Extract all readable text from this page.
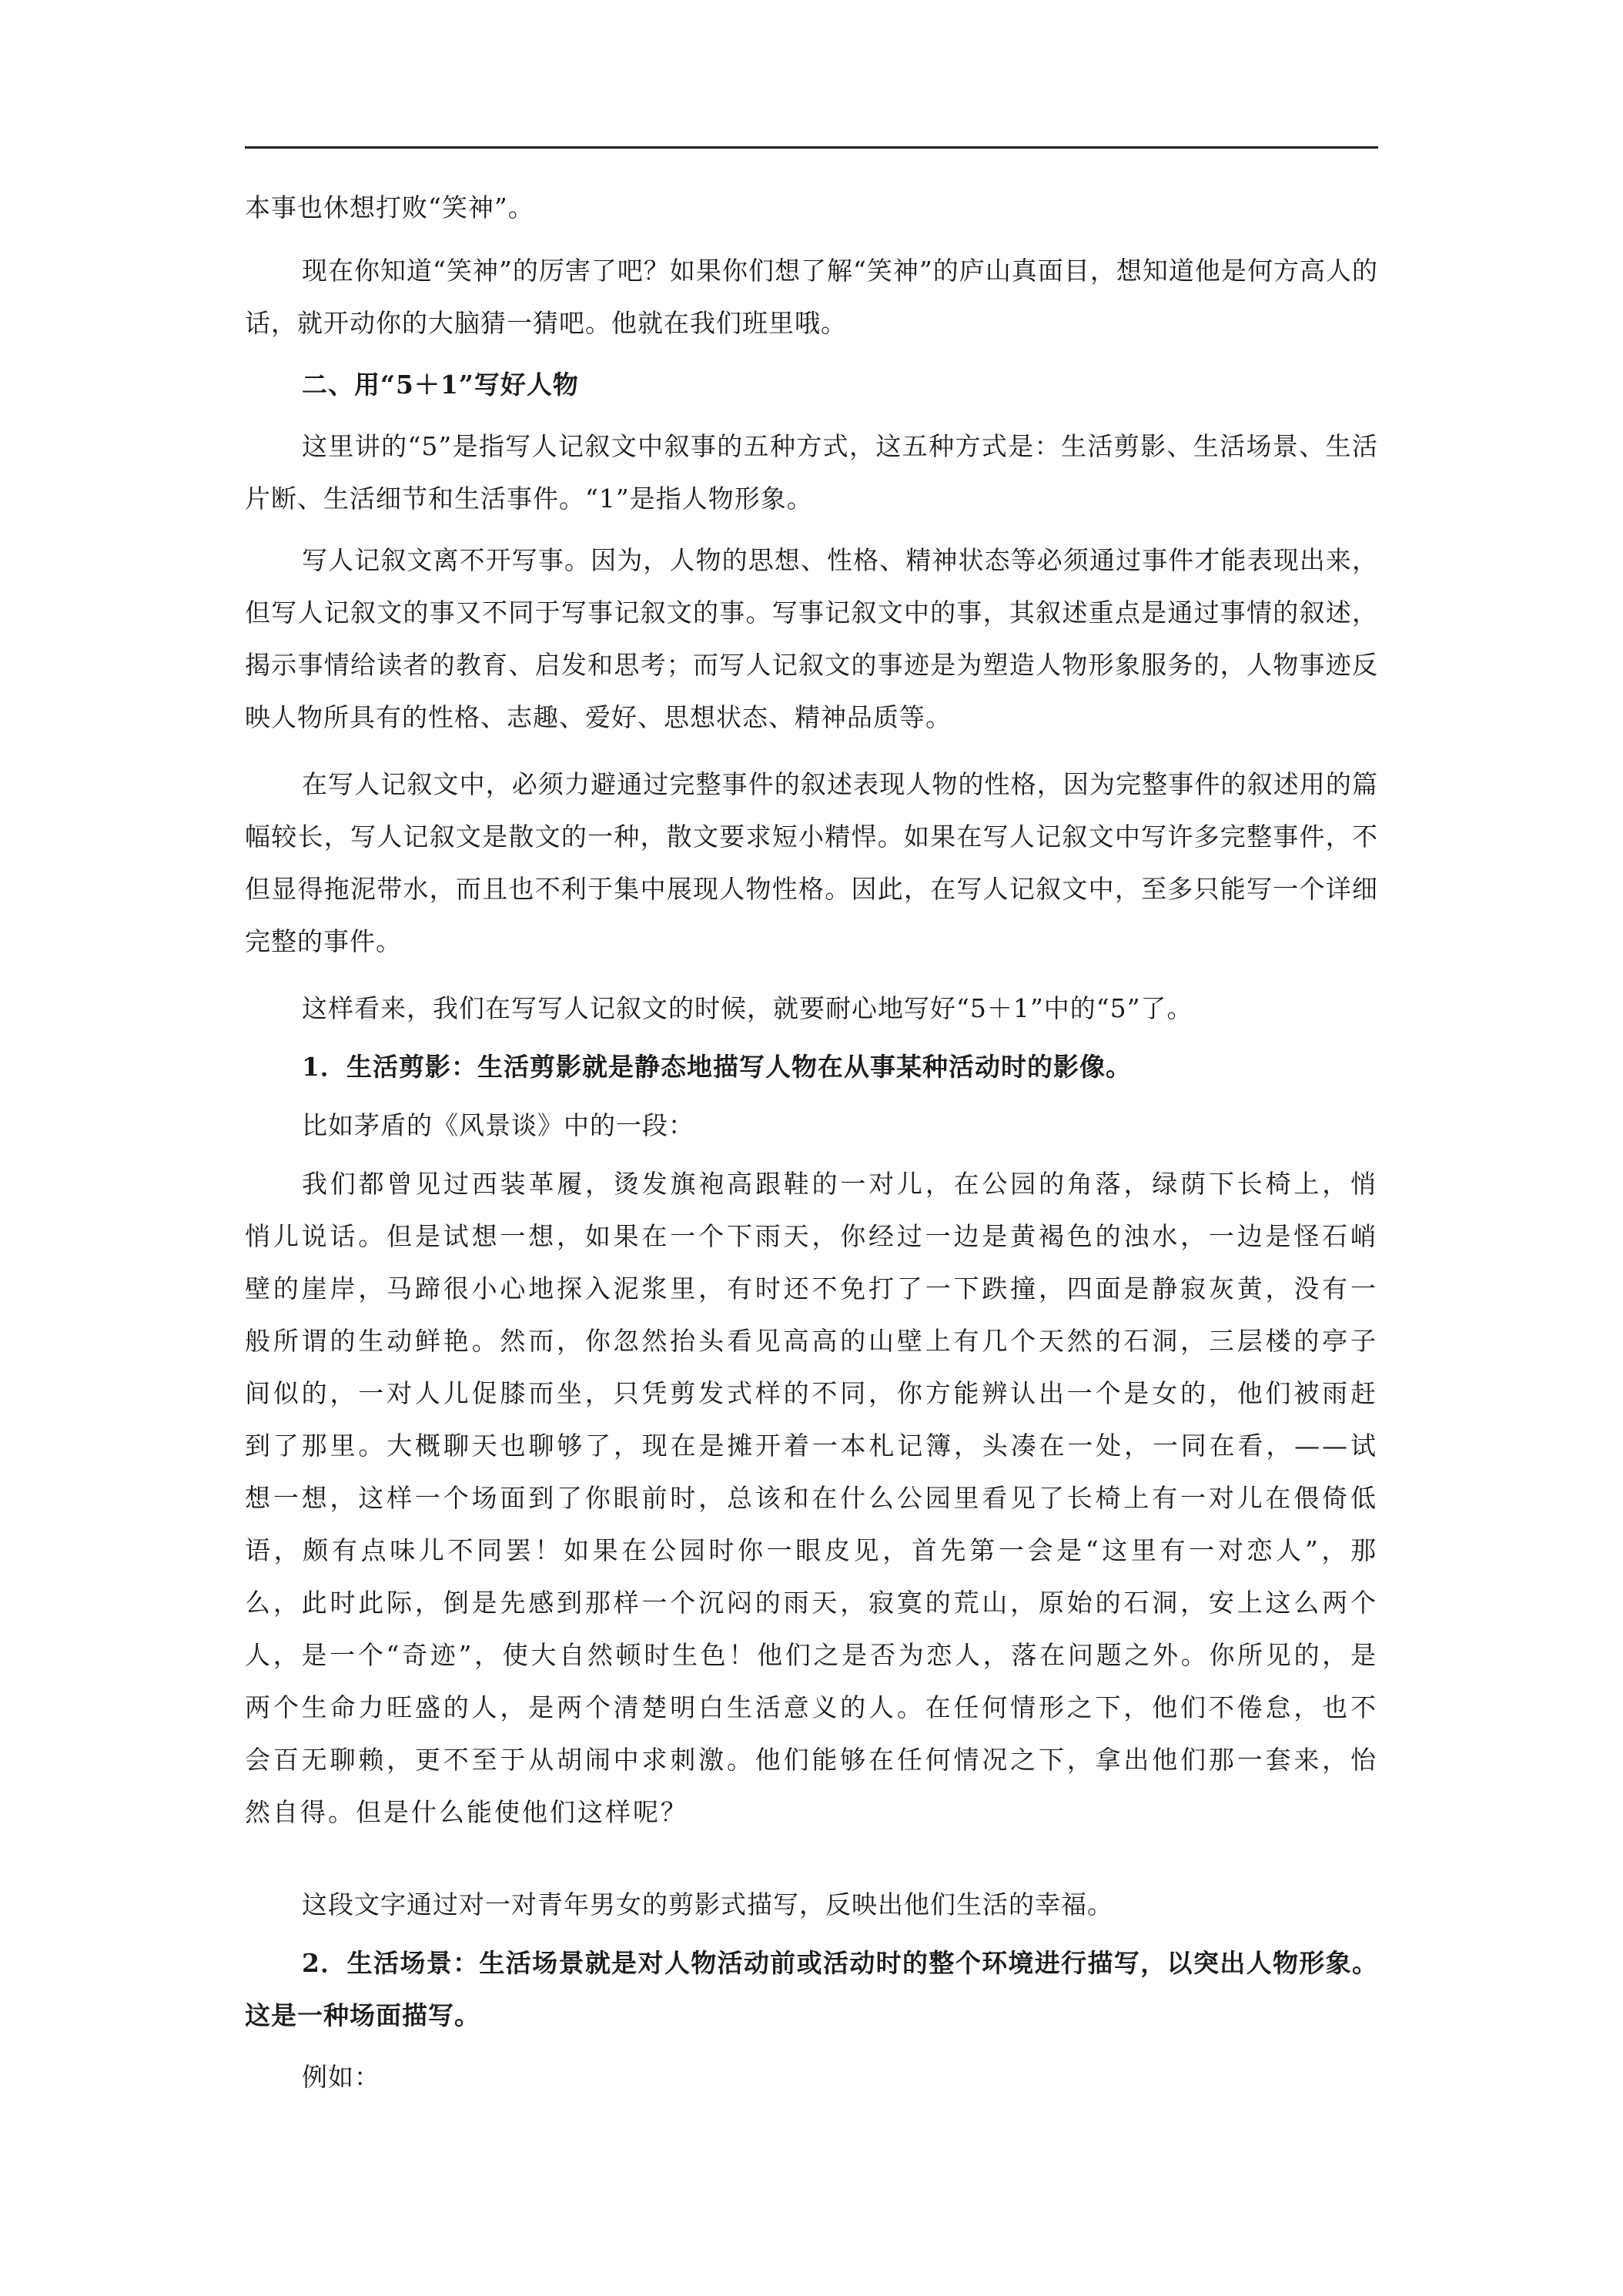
本事也休想打败“笑神”。

现在你知道“笑神”的厉害了吧？如果你们想了解“笑神”的庐山真面目，想知道他是何方高人的话，就开动你的大脑猜一猜吧。他就在我们班里哦。

二、用“5＋1”写好人物

这里讲的“5”是指写人记叙文中叙事的五种方式，这五种方式是：生活剪影、生活场景、生活片断、生活细节和生活事件。“1”是指人物形象。

写人记叙文离不开写事。因为，人物的思想、性格、精神状态等必须通过事件才能表现出来，但写人记叙文的事又不同于写事记叙文的事。写事记叙文中的事，其叙述重点是通过事情的叙述，揭示事情给读者的教育、启发和思考；而写人记叙文的事迹是为塑造人物形象服务的，人物事迹反映人物所具有的性格、志趣、爱好、思想状态、精神品质等。

在写人记叙文中，必须力避通过完整事件的叙述表现人物的性格，因为完整事件的叙述用的篇幅较长，写人记叙文是散文的一种，散文要求短小精悍。如果在写人记叙文中写许多完整事件，不但显得拖泥带水，而且也不利于集中展现人物性格。因此，在写人记叙文中，至多只能写一个详细完整的事件。

这样看来，我们在写写人记叙文的时候，就要耐心地写好“5＋1”中的“5”了。

1．生活剪影：生活剪影就是静态地描写人物在从事某种活动时的影像。

比如茅盾的《风景谈》中的一段：

我们都曾见过西装革履，烫发旗袍高跟鞋的一对儿，在公园的角落，绿荫下长椅上，悄悄儿说话。但是试想一想，如果在一个下雨天，你经过一边是黄褐色的浊水，一边是怪石峭壁的崖岸，马蹄很小心地探入泥浆里，有时还不免打了一下跌撞，四面是静寂灰黄，没有一般所谓的生动鲜艳。然而，你忽然抬头看见高高的山壁上有几个天然的石洞，三层楼的亭子间似的，一对人儿促膝而坐，只凭剪发式样的不同，你方能辨认出一个是女的，他们被雨赶到了那里。大概聊天也聊够了，现在是摊开着一本札记簿，头凑在一处，一同在看，——试想一想，这样一个场面到了你眼前时，总该和在什么公园里看见了长椅上有一对儿在偎倚低语，颇有点味儿不同罢！如果在公园时你一眼皮见，首先第一会是“这里有一对恋人”，那么，此时此际，倒是先感到那样一个沉闷的雨天，寂寞的荒山，原始的石洞，安上这么两个人，是一个“奇迹”，使大自然顿时生色！他们之是否为恋人，落在问题之外。你所见的，是两个生命力旺盛的人，是两个清楚明白生活意义的人。在任何情形之下，他们不倦怠，也不会百无聊赖，更不至于从胡闹中求刺激。他们能够在任何情况之下，拿出他们那一套来，怡然自得。但是什么能使他们这样呢？

这段文字通过对一对青年男女的剪影式描写，反映出他们生活的幸福。

2．生活场景：生活场景就是对人物活动前或活动时的整个环境进行描写，以突出人物形象。这是一种场面描写。

例如：
